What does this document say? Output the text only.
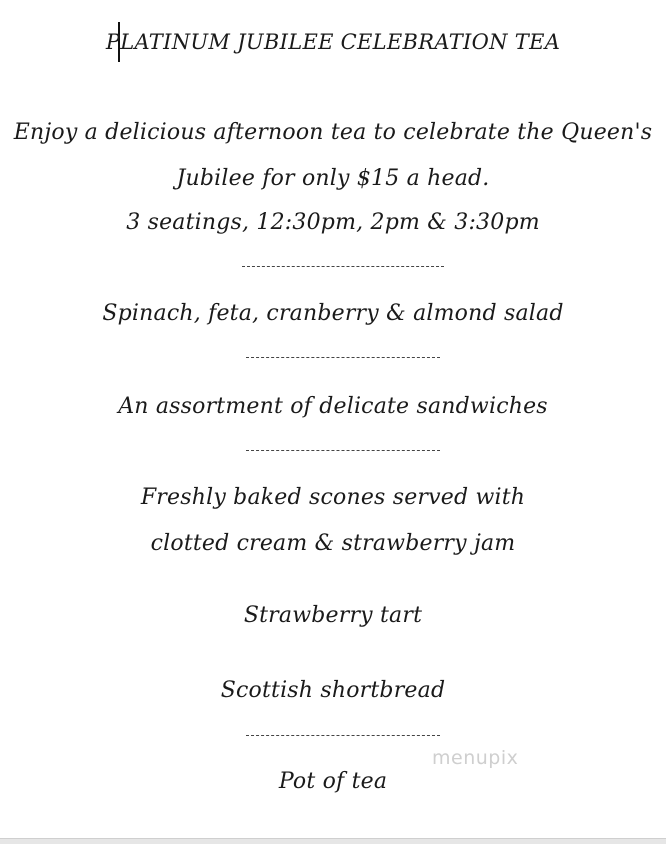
PLATINUM JUBILEE CELEBRATION TEA
Enjoy a delicious afternoon tea to celebrate the Queen's
Jubilee for only $15 a head.
3 seatings, 12:30pm, 2pm & 3:30pm
Spinach, feta, cranberry & almond salad
An assortment of delicate sandwiches
Freshly baked scones served with
clotted cream & strawberry jam
Strawberry tart
Scottish shortbread
Pot of tea
menupix
